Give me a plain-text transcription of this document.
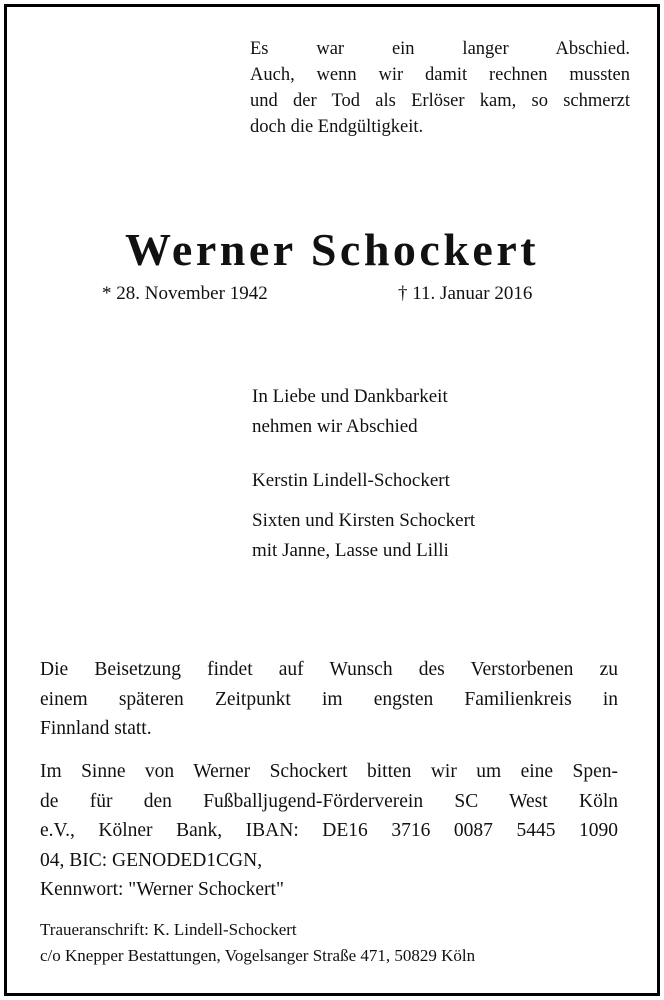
Es war ein langer Abschied.
Auch, wenn wir damit rechnen mussten
und der Tod als Erlöser kam, so schmerzt
doch die Endgültigkeit.
Werner Schockert
* 28. November 1942	† 11. Januar 2016
In Liebe und Dankbarkeit
nehmen wir Abschied
Kerstin Lindell-Schockert
Sixten und Kirsten Schockert
mit Janne, Lasse und Lilli
Die Beisetzung findet auf Wunsch des Verstorbenen zu
einem späteren Zeitpunkt im engsten Familienkreis in
Finnland statt.
Im Sinne von Werner Schockert bitten wir um eine Spen-
de für den Fußballjugend-Förderverein SC West Köln
e.V., Kölner Bank, IBAN: DE16 3716 0087 5445 1090
04, BIC: GENODED1CGN,
Kennwort: "Werner Schockert"
Traueranschrift: K. Lindell-Schockert
c/o Knepper Bestattungen, Vogelsanger Straße 471, 50829 Köln
